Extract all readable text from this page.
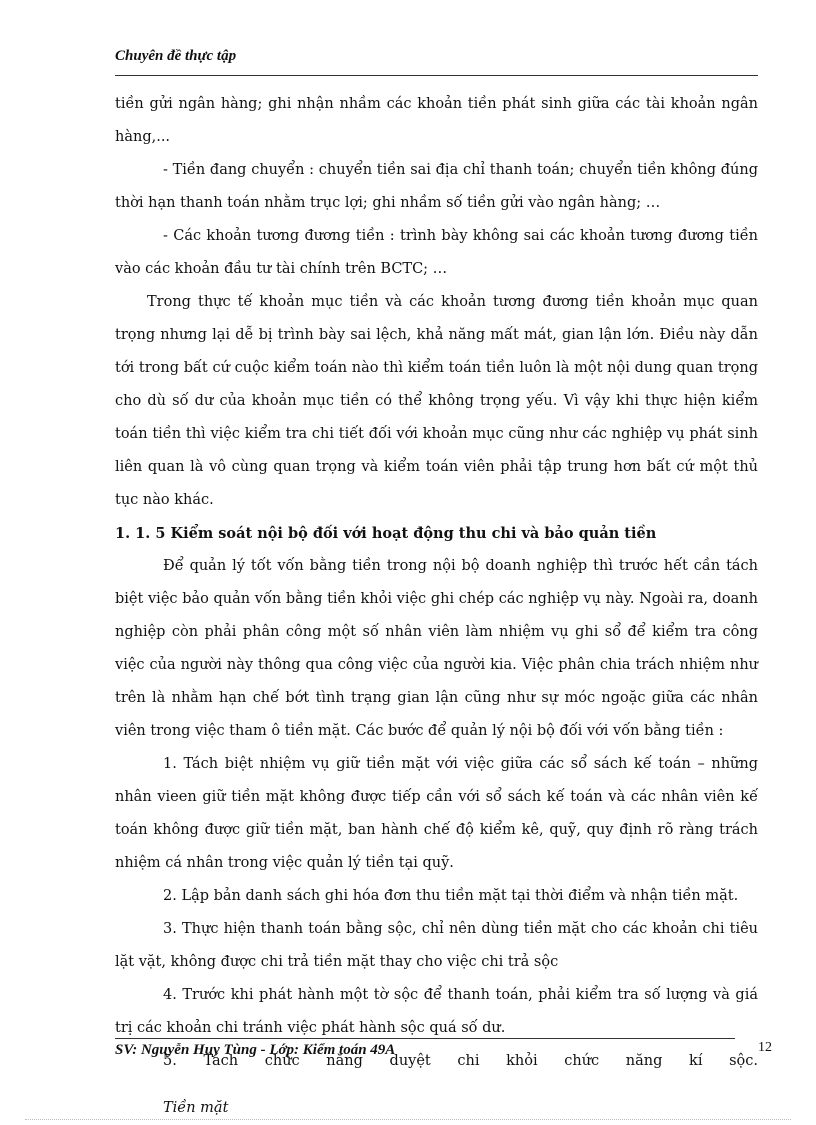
Chuyên đề thực tập

tiền gửi ngân hàng; ghi nhận nhầm các khoản tiền phát sinh giữa các tài khoản ngân hàng,...

- Tiền đang chuyển : chuyển tiền sai địa chỉ thanh toán; chuyển tiền không đúng thời hạn thanh toán nhằm trục lợi; ghi nhầm số tiền gửi vào ngân hàng; …

- Các khoản tương đương tiền : trình bày không sai các khoản tương đương tiền vào các khoản đầu tư tài chính trên BCTC; …

Trong thực tế khoản mục tiền và các khoản tương đương tiền khoản mục quan trọng nhưng lại dễ bị trình bày sai lệch, khả năng mất mát, gian lận lớn. Điều này dẫn tới trong bất cứ cuộc kiểm toán nào thì kiểm toán tiền luôn là một nội dung quan trọng cho dù số dư của khoản mục tiền có thể không trọng yếu. Vì vậy khi thực hiện kiểm toán tiền thì việc kiểm tra chi tiết đối với khoản mục cũng như các nghiệp vụ phát sinh liên quan là vô cùng quan trọng và kiểm toán viên phải tập trung hơn bất cứ một thủ tục nào khác.

1. 1. 5 Kiểm soát nội bộ đối với hoạt động thu chi và bảo quản tiền

Để quản lý tốt vốn bằng tiền trong nội bộ doanh nghiệp thì trước hết cần tách biệt việc bảo quản vốn bằng tiền khỏi việc ghi chép các nghiệp vụ này. Ngoài ra, doanh nghiệp còn phải phân công một số nhân viên làm nhiệm vụ ghi sổ để kiểm tra công việc của người này thông qua công việc của người kia. Việc phân chia trách nhiệm như trên là nhằm hạn chế bớt tình trạng gian lận cũng như sự móc ngoặc giữa các nhân viên trong việc tham ô tiền mặt. Các bước để quản lý nội bộ đối với vốn bằng tiền :

1. Tách biệt nhiệm vụ giữ tiền mặt với việc giữa các sổ sách kế toán – những nhân vieen giữ tiền mặt không được tiếp cần với sổ sách kế toán và các nhân viên kế toán không được giữ tiền mặt, ban hành chế độ kiểm kê, quỹ, quy định rõ ràng trách nhiệm cá nhân trong việc quản lý tiền tại quỹ.

2. Lập bản danh sách ghi hóa đơn thu tiền mặt tại thời điểm và nhận tiền mặt.

3. Thực hiện thanh toán bằng sộc, chỉ nên dùng tiền mặt cho các khoản chi tiêu lặt vặt, không được chi trả tiền mặt thay cho việc chi trả sộc

4. Trước khi phát hành một tờ sộc để thanh toán, phải kiểm tra số lượng và giá trị các khoản chi tránh việc phát hành sộc quá số dư.

5. Tách chức năng duyệt chi khỏi chức năng kí sộc.

Tiền mặt

SV: Nguyễn Huy Tùng - Lớp: Kiểm toán 49A	12
